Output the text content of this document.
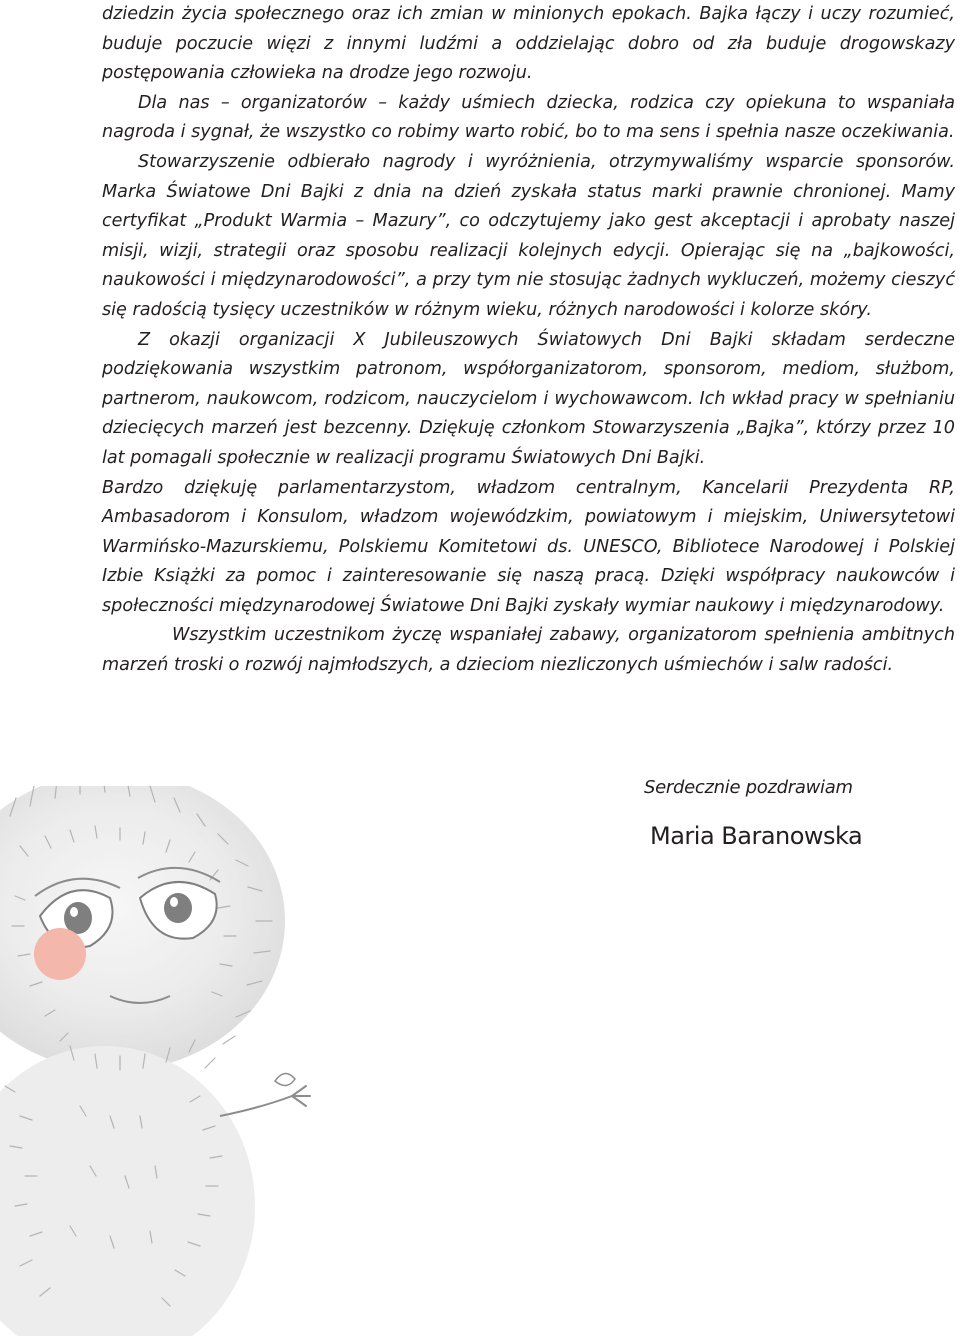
dziedzin życia społecznego oraz ich zmian w minionych epokach. Bajka łączy i uczy rozumieć, buduje poczucie więzi z innymi ludźmi a oddzielając dobro od zła buduje drogowskazy postępowania człowieka na drodze jego rozwoju.

Dla nas – organizatorów – każdy uśmiech dziecka, rodzica czy opiekuna to wspaniała nagroda i sygnał, że wszystko co robimy warto robić, bo to ma sens i spełnia nasze oczekiwania.

Stowarzyszenie odbierało nagrody i wyróżnienia, otrzymywaliśmy wsparcie sponsorów. Marka Światowe Dni Bajki z dnia na dzień zyskała status marki prawnie chronionej. Mamy certyfikat „Produkt Warmia – Mazury”, co odczytujemy jako gest akceptacji i aprobaty naszej misji, wizji, strategii oraz sposobu realizacji kolejnych edycji. Opierając się na „bajkowości, naukowości i międzynarodowości”, a przy tym nie stosując żadnych wykluczeń, możemy cieszyć się radością tysięcy uczestników w różnym wieku, różnych narodowości i kolorze skóry.

Z okazji organizacji X Jubileuszowych Światowych Dni Bajki składam serdeczne podziękowania wszystkim patronom, współorganizatorom, sponsorom, mediom, służbom, partnerom, naukowcom, rodzicom, nauczycielom i wychowawcom. Ich wkład pracy w spełnianiu dziecięcych marzeń jest bezcenny. Dziękuję członkom Stowarzyszenia „Bajka”, którzy przez 10 lat pomagali społecznie w realizacji programu Światowych Dni Bajki.

Bardzo dziękuję parlamentarzystom, władzom centralnym, Kancelarii Prezydenta RP, Ambasadorom i Konsulom, władzom wojewódzkim, powiatowym i miejskim, Uniwersytetowi Warmińsko-Mazurskiemu, Polskiemu Komitetowi ds. UNESCO, Bibliotece Narodowej i Polskiej Izbie Książki za pomoc i zainteresowanie się naszą pracą. Dzięki współpracy naukowców i społeczności międzynarodowej Światowe Dni Bajki zyskały wymiar naukowy i międzynarodowy.

Wszystkim uczestnikom życzę wspaniałej zabawy, organizatorom spełnienia ambitnych marzeń troski o rozwój najmłodszych, a dzieciom niezliczonych uśmiechów i salw radości.

Serdecznie pozdrawiam
Maria Baranowska
